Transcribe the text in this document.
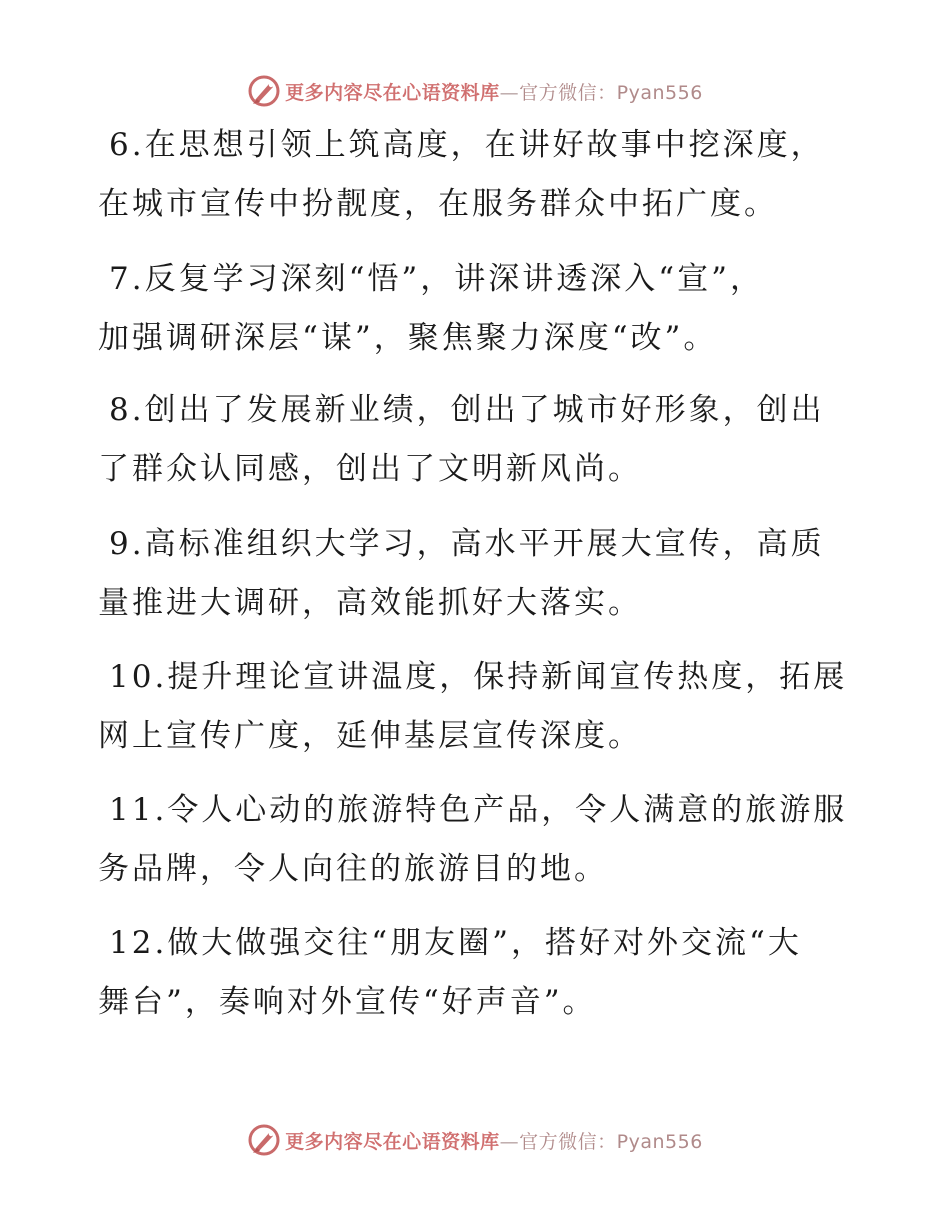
更多内容尽在心语资料库—官方微信：Pyan556
6.在思想引领上筑高度，在讲好故事中挖深度，
在城市宣传中扮靓度，在服务群众中拓广度。
7.反复学习深刻“悟”，讲深讲透深入“宣”，
加强调研深层“谋”，聚焦聚力深度“改”。
8.创出了发展新业绩，创出了城市好形象，创出
了群众认同感，创出了文明新风尚。
9.高标准组织大学习，高水平开展大宣传，高质
量推进大调研，高效能抓好大落实。
10.提升理论宣讲温度，保持新闻宣传热度，拓展
网上宣传广度，延伸基层宣传深度。
11.令人心动的旅游特色产品，令人满意的旅游服
务品牌，令人向往的旅游目的地。
12.做大做强交往“朋友圈”，搭好对外交流“大
舞台”，奏响对外宣传“好声音”。
更多内容尽在心语资料库—官方微信：Pyan556
